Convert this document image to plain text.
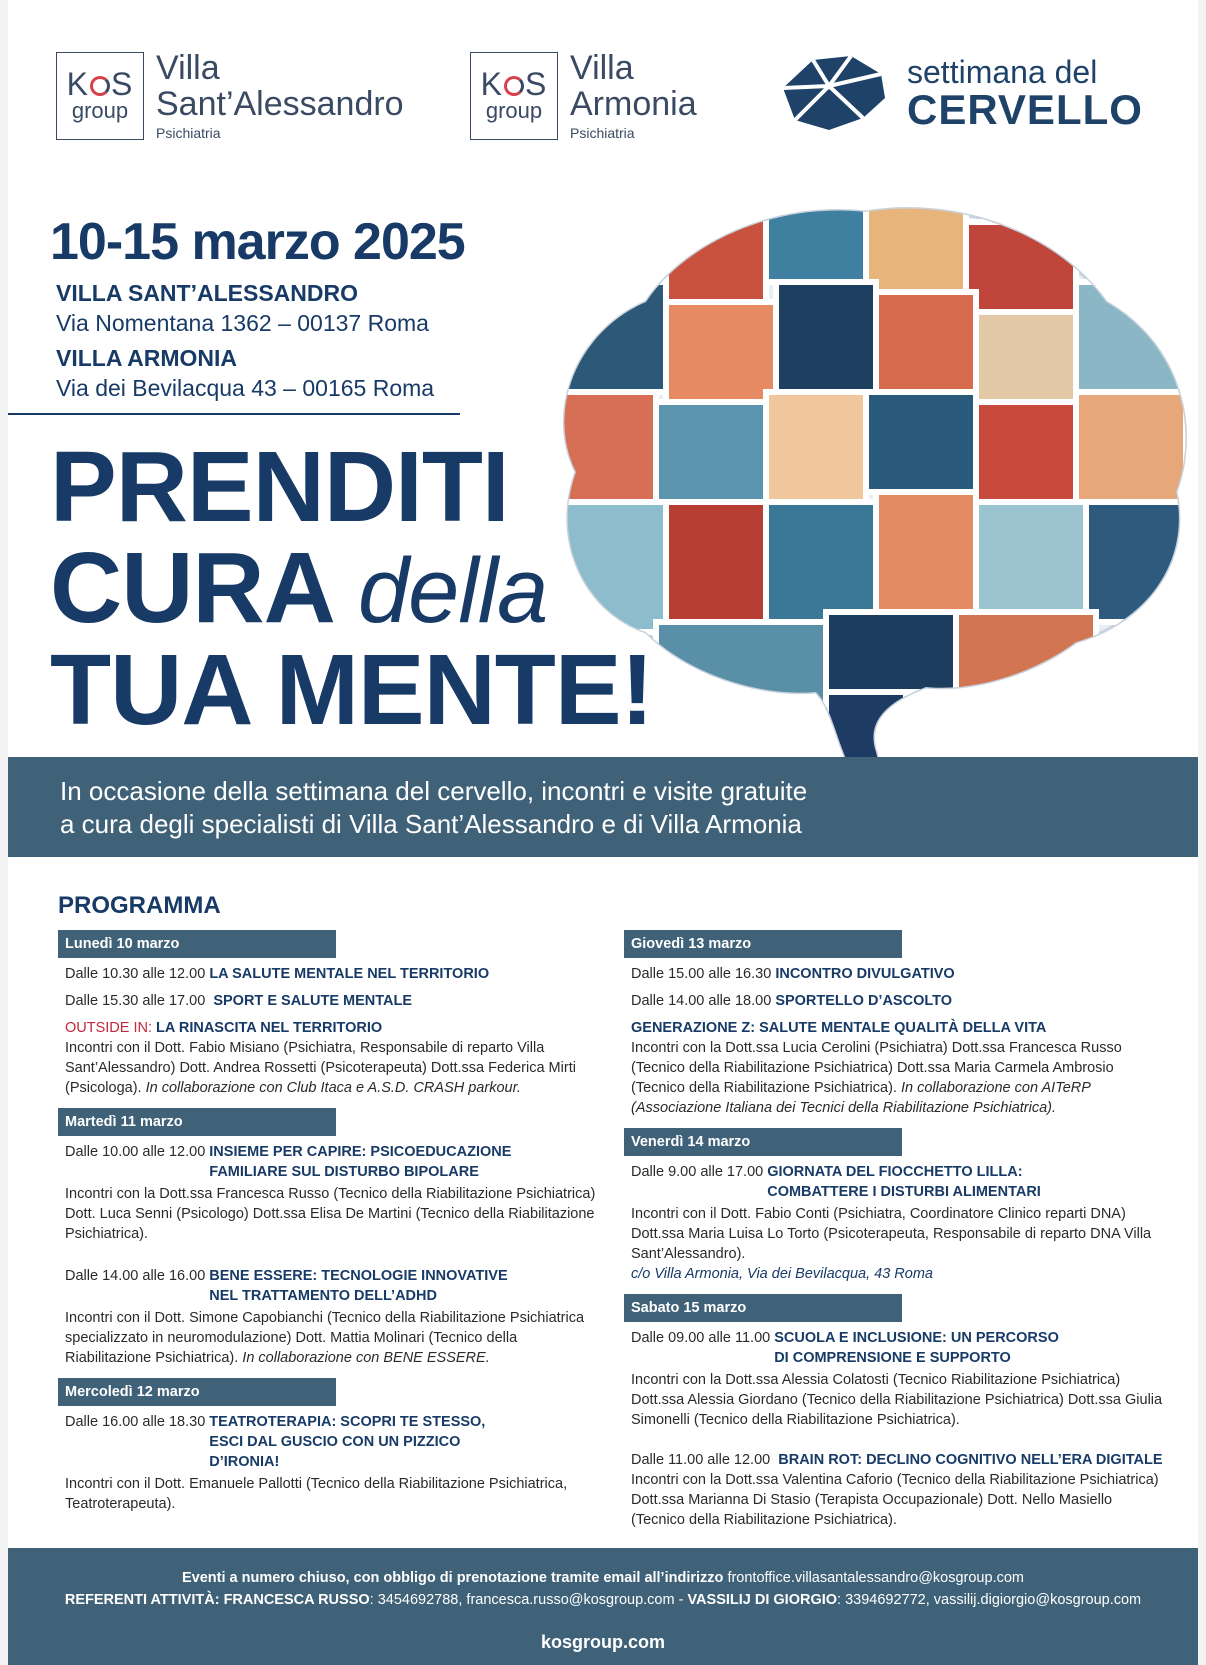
K S
group
Villa
Sant’Alessandro
Psichiatria
K S
group
Villa
Armonia
Psichiatria
settimana del
CERVELLO
10-15 marzo 2025
VILLA SANT’ALESSANDRO
Via Nomentana 1362 – 00137 Roma
VILLA ARMONIA
Via dei Bevilacqua 43 – 00165 Roma
PRENDITI
CURA della
TUA MENTE!
In occasione della settimana del cervello, incontri e visite gratuite
a cura degli specialisti di Villa Sant’Alessandro e di Villa Armonia
PROGRAMMA
Lunedì 10 marzo
Dalle 10.30 alle 12.00 LA SALUTE MENTALE NEL TERRITORIO
Dalle 15.30 alle 17.00 SPORT E SALUTE MENTALE
OUTSIDE IN: LA RINASCITA NEL TERRITORIO
Incontri con il Dott. Fabio Misiano (Psichiatra, Responsabile di reparto Villa Sant’Alessandro) Dott. Andrea Rossetti (Psicoterapeuta) Dott.ssa Federica Mirti (Psicologa). In collaborazione con Club Itaca e A.S.D. CRASH parkour.
Martedì 11 marzo
Dalle 10.00 alle 12.00 INSIEME PER CAPIRE: PSICOEDUCAZIONE FAMILIARE SUL DISTURBO BIPOLARE
Incontri con la Dott.ssa Francesca Russo (Tecnico della Riabilitazione Psichiatrica) Dott. Luca Senni (Psicologo) Dott.ssa Elisa De Martini (Tecnico della Riabilitazione Psichiatrica).
Dalle 14.00 alle 16.00 BENE ESSERE: TECNOLOGIE INNOVATIVE NEL TRATTAMENTO DELL’ADHD
Incontri con il Dott. Simone Capobianchi (Tecnico della Riabilitazione Psichiatrica specializzato in neuromodulazione) Dott. Mattia Molinari (Tecnico della Riabilitazione Psichiatrica). In collaborazione con BENE ESSERE.
Mercoledì 12 marzo
Dalle 16.00 alle 18.30 TEATROTERAPIA: SCOPRI TE STESSO, ESCI DAL GUSCIO CON UN PIZZICO D’IRONIA!
Incontri con il Dott. Emanuele Pallotti (Tecnico della Riabilitazione Psichiatrica, Teatroterapeuta).
Giovedì 13 marzo
Dalle 15.00 alle 16.30 INCONTRO DIVULGATIVO
Dalle 14.00 alle 18.00 SPORTELLO D’ASCOLTO
GENERAZIONE Z: SALUTE MENTALE QUALITÀ DELLA VITA
Incontri con la Dott.ssa Lucia Cerolini (Psichiatra) Dott.ssa Francesca Russo (Tecnico della Riabilitazione Psichiatrica) Dott.ssa Maria Carmela Ambrosio (Tecnico della Riabilitazione Psichiatrica). In collaborazione con AITeRP (Associazione Italiana dei Tecnici della Riabilitazione Psichiatrica).
Venerdì 14 marzo
Dalle 9.00 alle 17.00 GIORNATA DEL FIOCCHETTO LILLA: COMBATTERE I DISTURBI ALIMENTARI
Incontri con il Dott. Fabio Conti (Psichiatra, Coordinatore Clinico reparti DNA) Dott.ssa Maria Luisa Lo Torto (Psicoterapeuta, Responsabile di reparto DNA Villa Sant’Alessandro).
c/o Villa Armonia, Via dei Bevilacqua, 43 Roma
Sabato 15 marzo
Dalle 09.00 alle 11.00 SCUOLA E INCLUSIONE: UN PERCORSO DI COMPRENSIONE E SUPPORTO
Incontri con la Dott.ssa Alessia Colatosti (Tecnico Riabilitazione Psichiatrica) Dott.ssa Alessia Giordano (Tecnico della Riabilitazione Psichiatrica) Dott.ssa Giulia Simonelli (Tecnico della Riabilitazione Psichiatrica).
Dalle 11.00 alle 12.00 BRAIN ROT: DECLINO COGNITIVO NELL’ERA DIGITALE
Incontri con la Dott.ssa Valentina Caforio (Tecnico della Riabilitazione Psichiatrica) Dott.ssa Marianna Di Stasio (Terapista Occupazionale) Dott. Nello Masiello (Tecnico della Riabilitazione Psichiatrica).
Eventi a numero chiuso, con obbligo di prenotazione tramite email all’indirizzo frontoffice.villasantalessandro@kosgroup.com
REFERENTI ATTIVITÀ: FRANCESCA RUSSO: 3454692788, francesca.russo@kosgroup.com - VASSILIJ DI GIORGIO: 3394692772, vassilij.digiorgio@kosgroup.com
kosgroup.com
